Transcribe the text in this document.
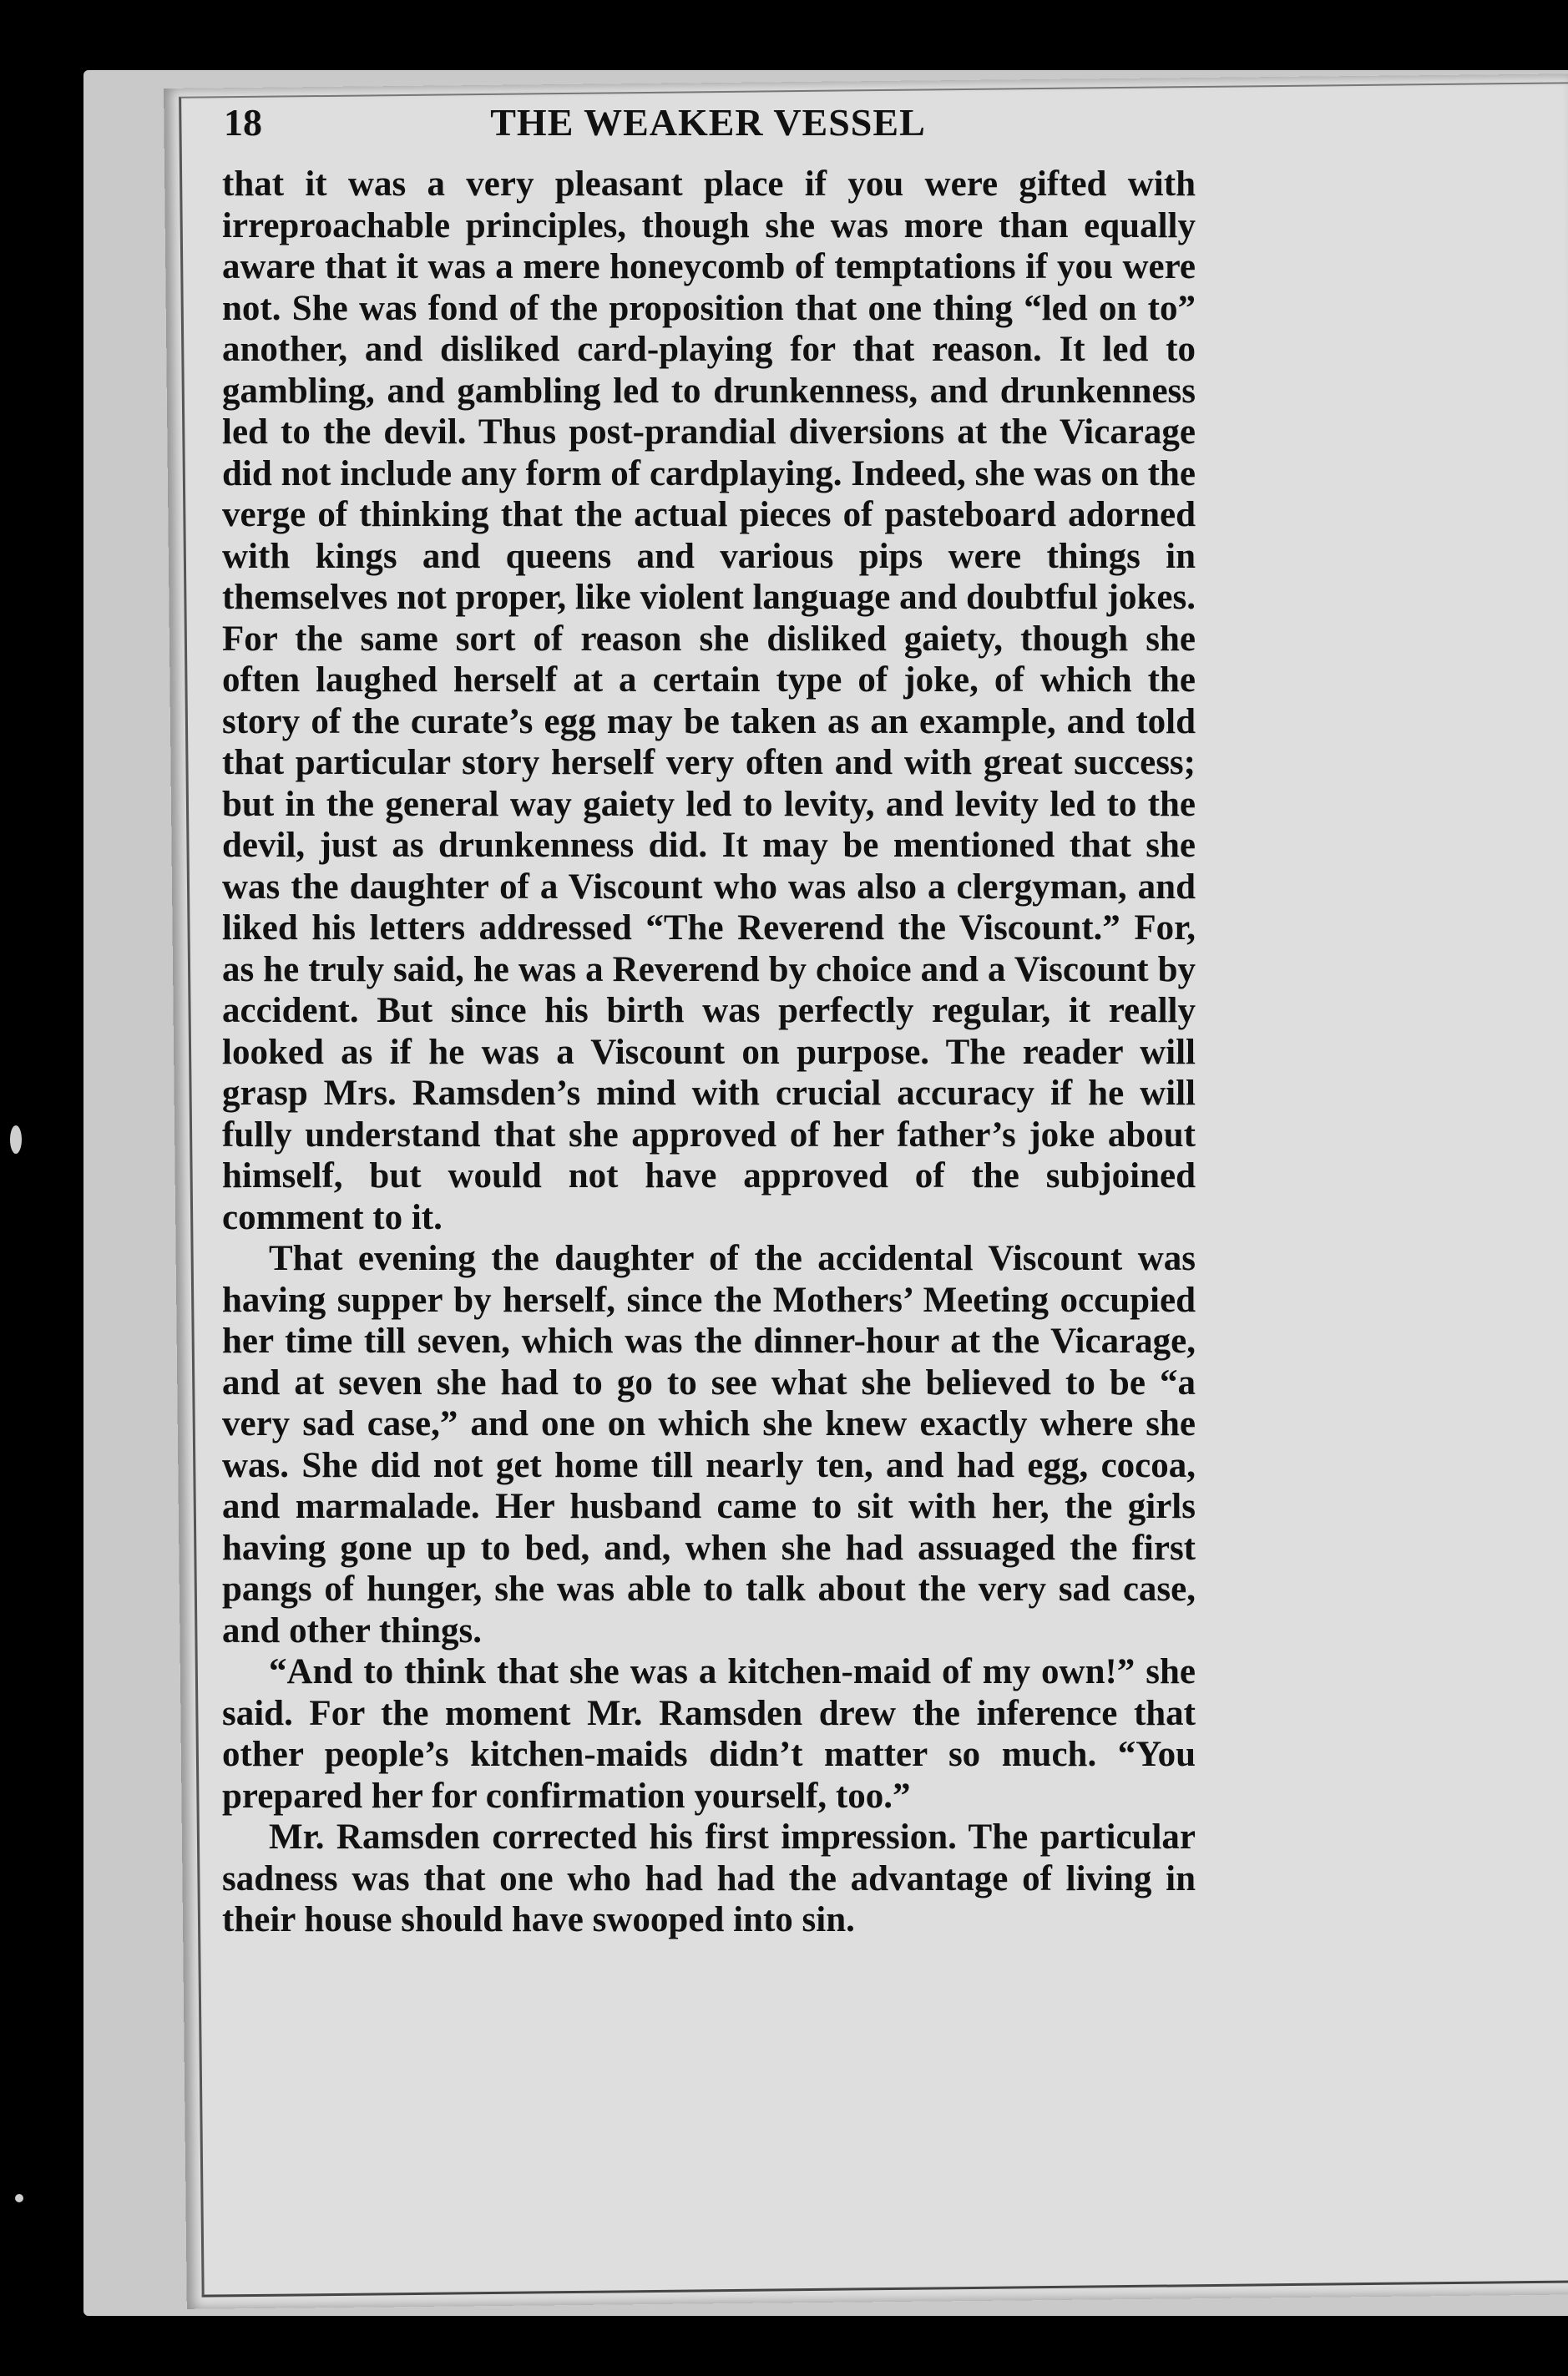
18	THE WEAKER VESSEL

that it was a very pleasant place if you were gifted with irreproachable principles, though she was more than equally aware that it was a mere honeycomb of temptations if you were not. She was fond of the proposition that one thing “led on to” another, and disliked card-playing for that reason. It led to gambling, and gambling led to drunkenness, and drunkenness led to the devil. Thus post-prandial diversions at the Vicarage did not include any form of cardplaying. Indeed, she was on the verge of thinking that the actual pieces of pasteboard adorned with kings and queens and various pips were things in themselves not proper, like violent language and doubtful jokes. For the same sort of reason she disliked gaiety, though she often laughed herself at a certain type of joke, of which the story of the curate’s egg may be taken as an example, and told that particular story herself very often and with great success; but in the general way gaiety led to levity, and levity led to the devil, just as drunkenness did. It may be mentioned that she was the daughter of a Viscount who was also a clergyman, and liked his letters addressed “The Reverend the Viscount.” For, as he truly said, he was a Reverend by choice and a Viscount by accident. But since his birth was perfectly regular, it really looked as if he was a Viscount on purpose. The reader will grasp Mrs. Ramsden’s mind with crucial accuracy if he will fully understand that she approved of her father’s joke about himself, but would not have approved of the subjoined comment to it.

That evening the daughter of the accidental Viscount was having supper by herself, since the Mothers’ Meeting occupied her time till seven, which was the dinner-hour at the Vicarage, and at seven she had to go to see what she believed to be “a very sad case,” and one on which she knew exactly where she was. She did not get home till nearly ten, and had egg, cocoa, and marmalade. Her husband came to sit with her, the girls having gone up to bed, and, when she had assuaged the first pangs of hunger, she was able to talk about the very sad case, and other things.

“And to think that she was a kitchen-maid of my own!” she said. For the moment Mr. Ramsden drew the inference that other people’s kitchen-maids didn’t matter so much. “You prepared her for confirmation yourself, too.”

Mr. Ramsden corrected his first impression. The particular sadness was that one who had had the advantage of living in their house should have swooped into sin.
